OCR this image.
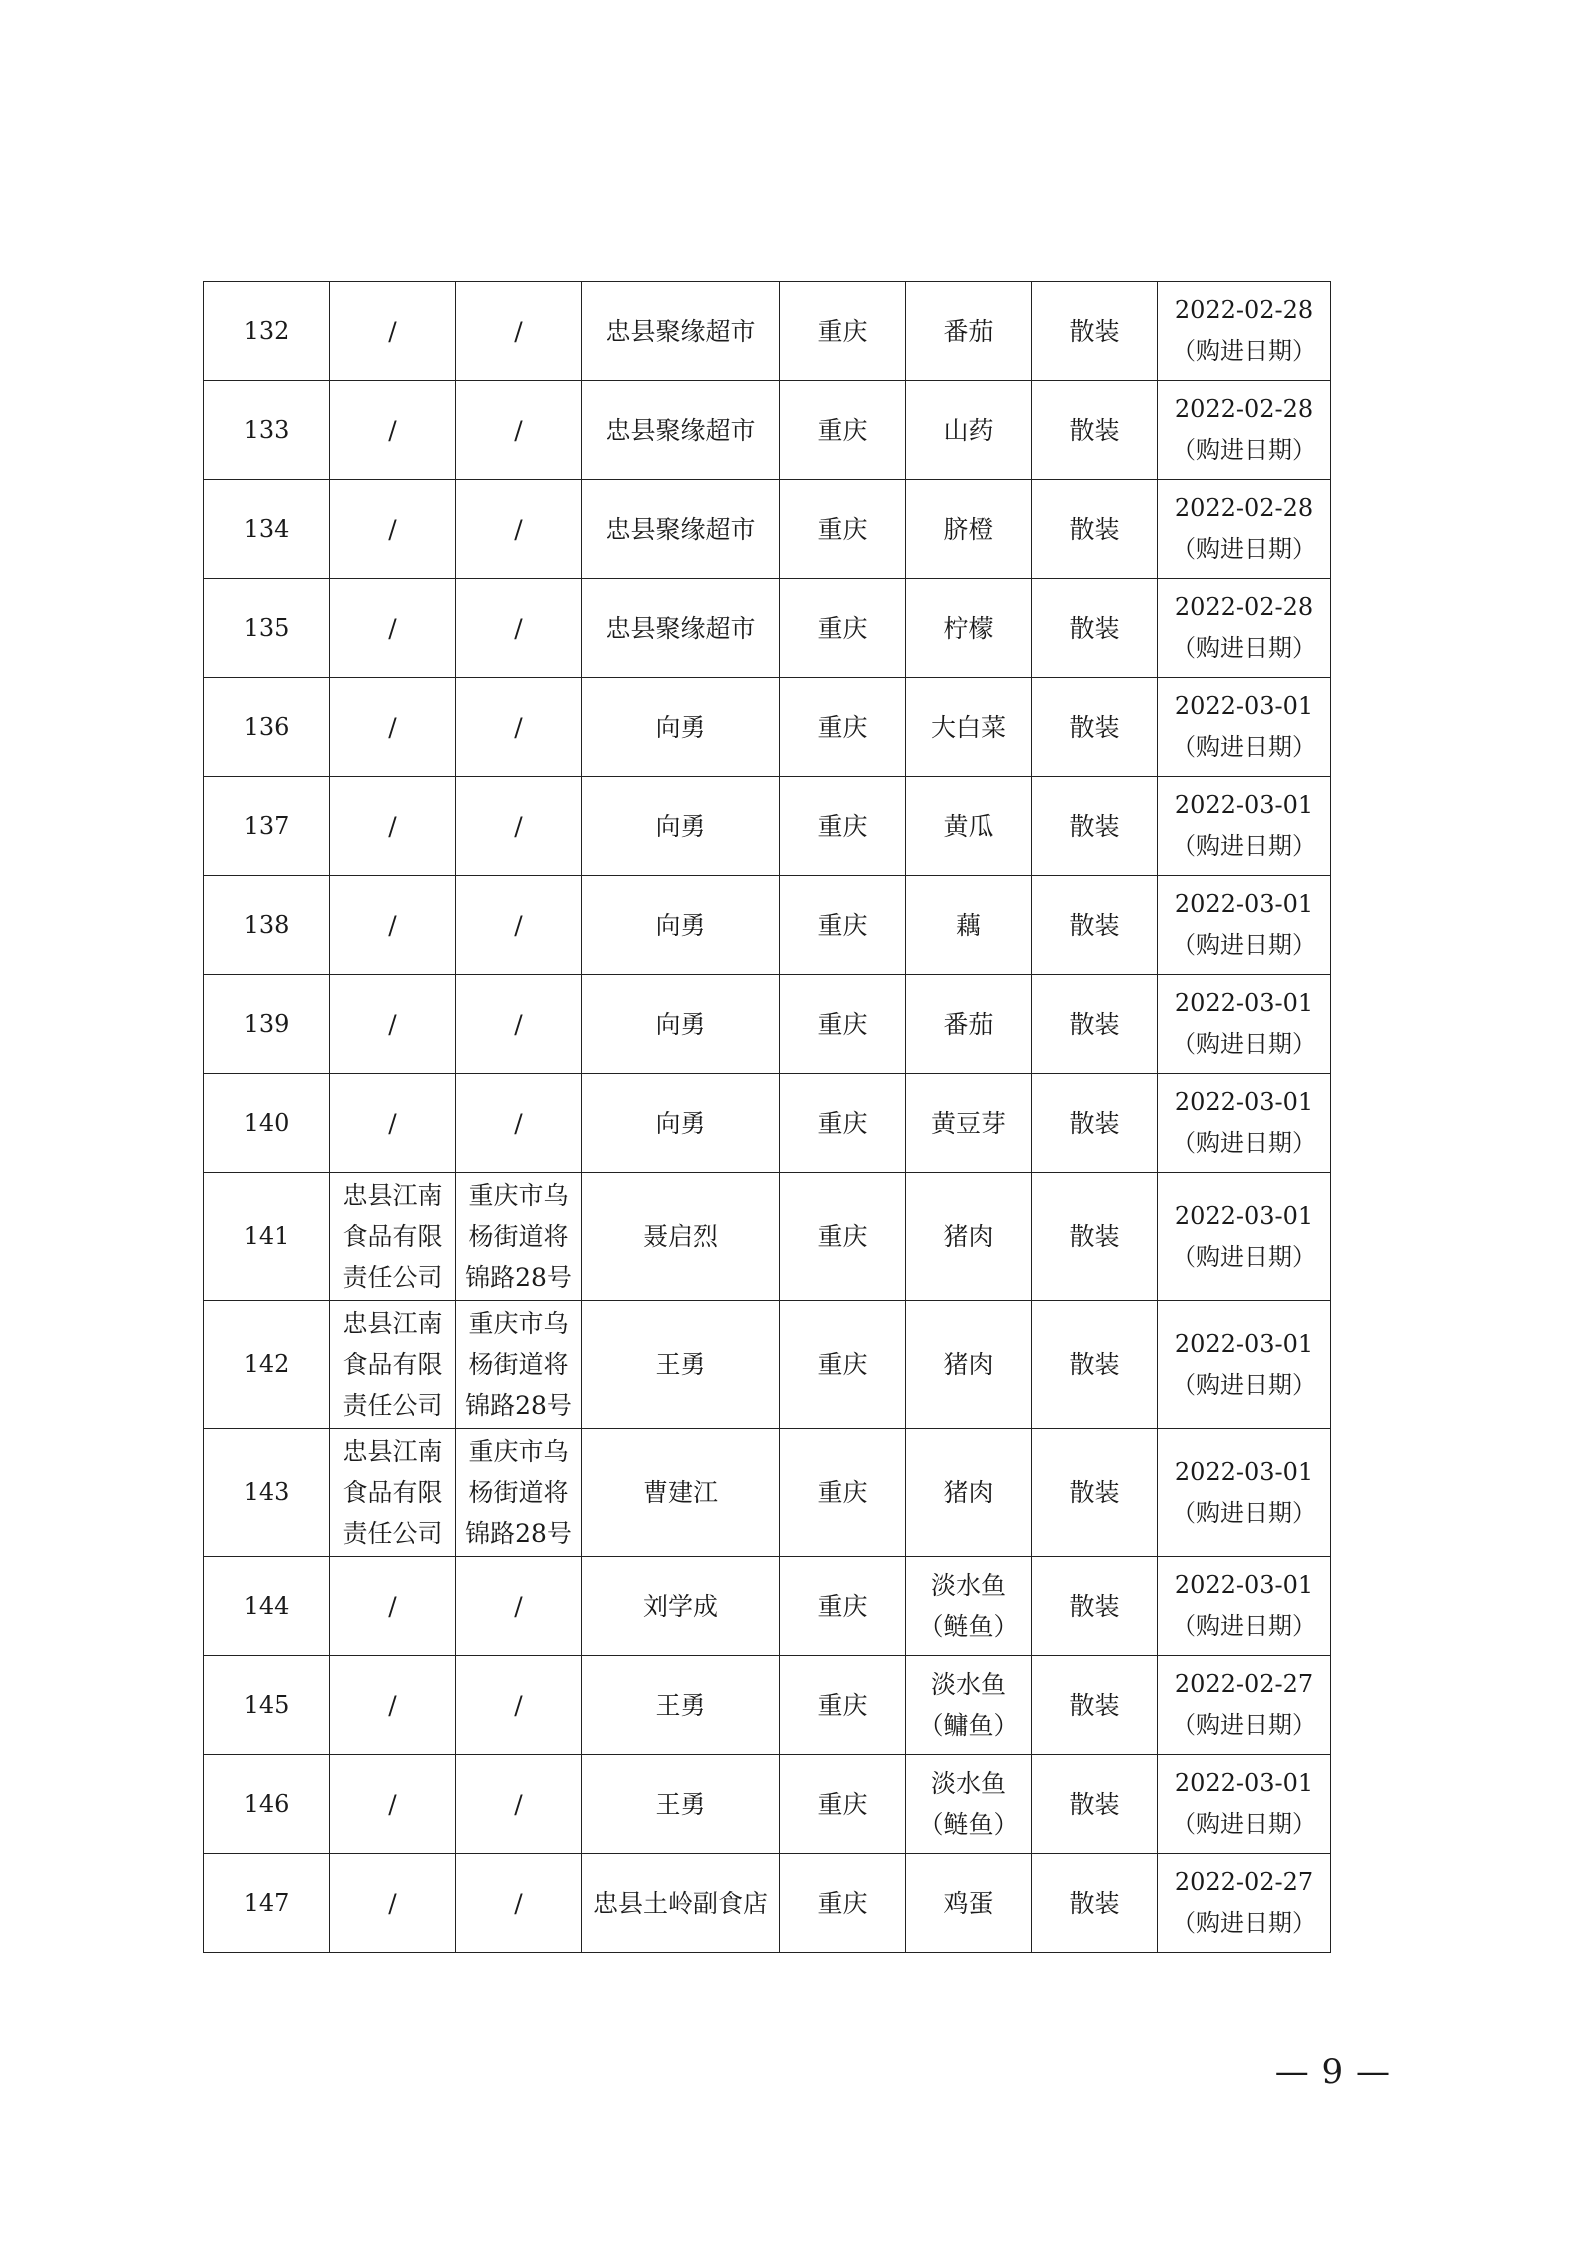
132	/	/	忠县聚缘超市	重庆	番茄	散装	2022-02-28
（购进日期）

133	/	/	忠县聚缘超市	重庆	山药	散装	2022-02-28
（购进日期）

134	/	/	忠县聚缘超市	重庆	脐橙	散装	2022-02-28
（购进日期）

135	/	/	忠县聚缘超市	重庆	柠檬	散装	2022-02-28
（购进日期）

136	/	/	向勇	重庆	大白菜	散装	2022-03-01
（购进日期）

137	/	/	向勇	重庆	黄瓜	散装	2022-03-01
（购进日期）

138	/	/	向勇	重庆	藕	散装	2022-03-01
（购进日期）

139	/	/	向勇	重庆	番茄	散装	2022-03-01
（购进日期）

140	/	/	向勇	重庆	黄豆芽	散装	2022-03-01
（购进日期）

141	忠县江南食品有限责任公司	重庆市乌杨街道将锦路28号	聂启烈	重庆	猪肉	散装	2022-03-01
（购进日期）

142	忠县江南食品有限责任公司	重庆市乌杨街道将锦路28号	王勇	重庆	猪肉	散装	2022-03-01
（购进日期）

143	忠县江南食品有限责任公司	重庆市乌杨街道将锦路28号	曹建江	重庆	猪肉	散装	2022-03-01
（购进日期）

144	/	/	刘学成	重庆	淡水鱼（鲢鱼）	散装	2022-03-01
（购进日期）

145	/	/	王勇	重庆	淡水鱼（鳙鱼）	散装	2022-02-27
（购进日期）

146	/	/	王勇	重庆	淡水鱼（鲢鱼）	散装	2022-03-01
（购进日期）

147	/	/	忠县土岭副食店	重庆	鸡蛋	散装	2022-02-27
（购进日期）
— 9 —
